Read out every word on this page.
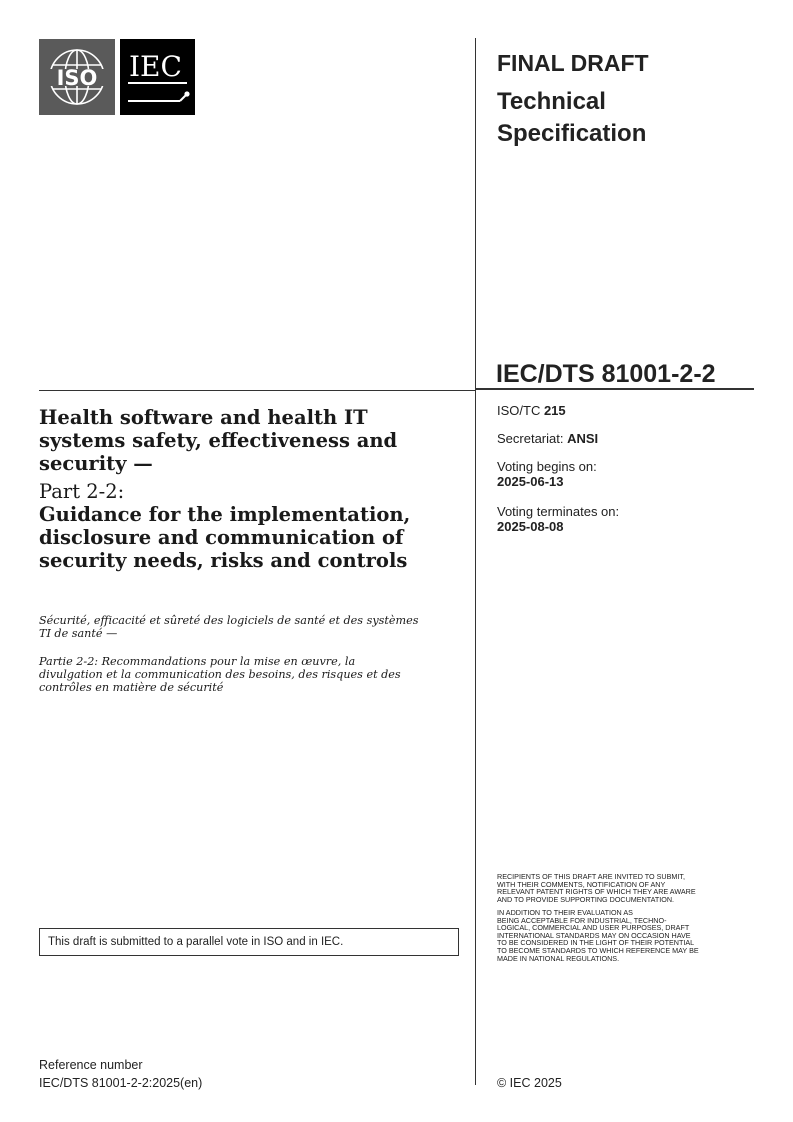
ISO IEC	FINAL DRAFT
Technical
Specification
IEC/DTS 81001-2-2
ISO/TC 215
Secretariat: ANSI
Voting begins on:
2025-06-13
Voting terminates on:
2025-08-08
Health software and health IT
systems safety, effectiveness and
security —
Part 2-2:
Guidance for the implementation,
disclosure and communication of
security needs, risks and controls
Sécurité, efficacité et sûreté des logiciels de santé et des systèmes
TI de santé —
Partie 2-2: Recommandations pour la mise en œuvre, la
divulgation et la communication des besoins, des risques et des
contrôles en matière de sécurité
This draft is submitted to a parallel vote in ISO and in IEC.
RECIPIENTS OF THIS DRAFT ARE INVITED TO SUBMIT,
WITH THEIR COMMENTS, NOTIFICATION OF ANY
RELEVANT PATENT RIGHTS OF WHICH THEY ARE AWARE
AND TO PROVIDE SUPPORTING DOCUMENTATION.
IN ADDITION TO THEIR EVALUATION AS
BEING ACCEPTABLE FOR INDUSTRIAL, TECHNO-
LOGICAL, COMMERCIAL AND USER PURPOSES, DRAFT
INTERNATIONAL STANDARDS MAY ON OCCASION HAVE
TO BE CONSIDERED IN THE LIGHT OF THEIR POTENTIAL
TO BECOME STANDARDS TO WHICH REFERENCE MAY BE
MADE IN NATIONAL REGULATIONS.
Reference number
IEC/DTS 81001-2-2:2025(en)	© IEC 2025
